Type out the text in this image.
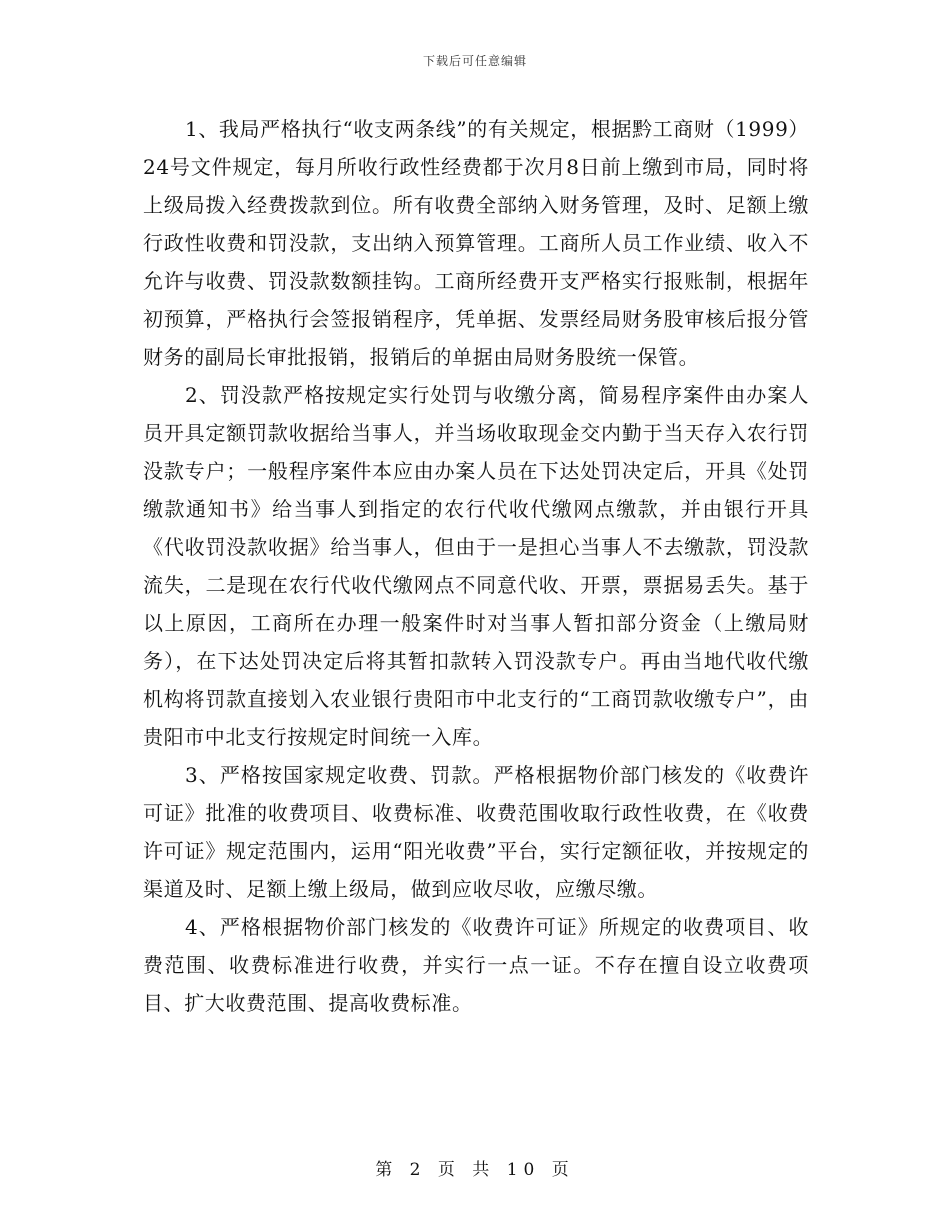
下载后可任意编辑

1、我局严格执行“收支两条线”的有关规定，根据黔工商财（1999）24号文件规定，每月所收行政性经费都于次月8日前上缴到市局，同时将上级局拨入经费拨款到位。所有收费全部纳入财务管理，及时、足额上缴行政性收费和罚没款，支出纳入预算管理。工商所人员工作业绩、收入不允许与收费、罚没款数额挂钩。工商所经费开支严格实行报账制，根据年初预算，严格执行会签报销程序，凭单据、发票经局财务股审核后报分管财务的副局长审批报销，报销后的单据由局财务股统一保管。

2、罚没款严格按规定实行处罚与收缴分离，简易程序案件由办案人员开具定额罚款收据给当事人，并当场收取现金交内勤于当天存入农行罚没款专户；一般程序案件本应由办案人员在下达处罚决定后，开具《处罚缴款通知书》给当事人到指定的农行代收代缴网点缴款，并由银行开具《代收罚没款收据》给当事人，但由于一是担心当事人不去缴款，罚没款流失，二是现在农行代收代缴网点不同意代收、开票，票据易丢失。基于以上原因，工商所在办理一般案件时对当事人暂扣部分资金（上缴局财务），在下达处罚决定后将其暂扣款转入罚没款专户。再由当地代收代缴机构将罚款直接划入农业银行贵阳市中北支行的“工商罚款收缴专户”，由贵阳市中北支行按规定时间统一入库。

3、严格按国家规定收费、罚款。严格根据物价部门核发的《收费许可证》批准的收费项目、收费标准、收费范围收取行政性收费，在《收费许可证》规定范围内，运用“阳光收费”平台，实行定额征收，并按规定的渠道及时、足额上缴上级局，做到应收尽收，应缴尽缴。

4、严格根据物价部门核发的《收费许可证》所规定的收费项目、收费范围、收费标准进行收费，并实行一点一证。不存在擅自设立收费项目、扩大收费范围、提高收费标准。

第 2 页 共 10 页
